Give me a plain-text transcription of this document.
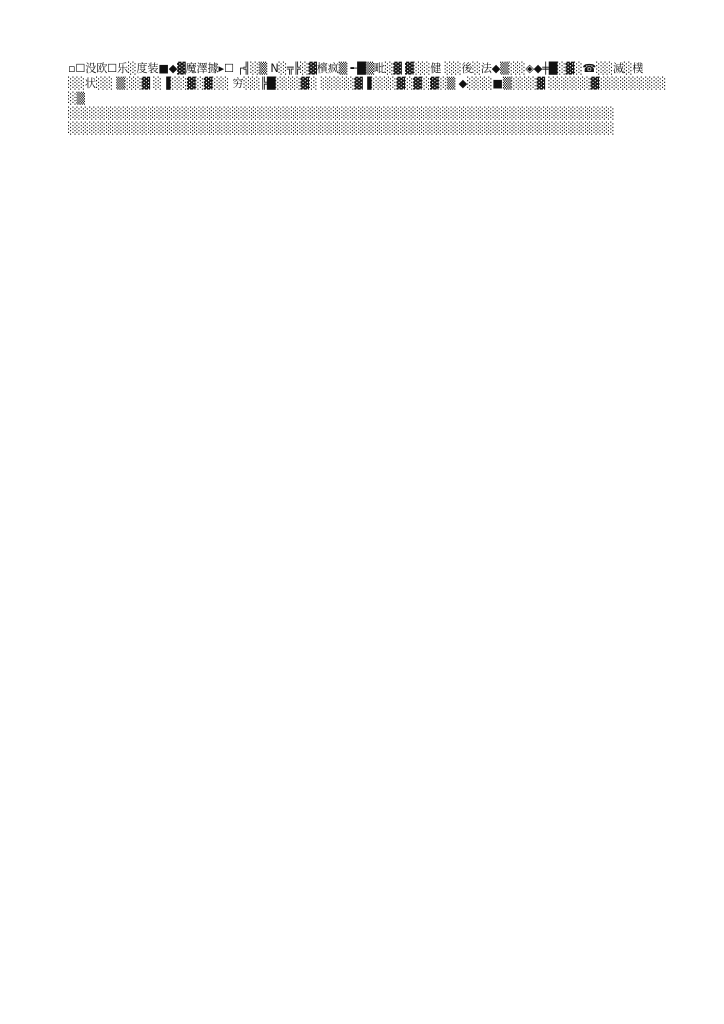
▫☐没欧☐乐░度装■◆▓魔澤據▸☐ ┌╣░▒ N░╦╠░▓檳疯▒ ╾█▒毗░▓ ▓░░健 ░░後░法◆▒░░◈◆╪█░▓░☎░░滅░樸
░░状░░ ▒░░▓ ░▐░░▓░▓░░ 穷░░╠█░░░▓░ ░░░░▓▐░░░▓░▓░▓░▒ ◆░░░■▒░░░▓ ░░░░░▓░░░░░░░░░▒
░░░░░░░░░░░░░░░░░░░░░░░░░░░░░░░░░░░░░░░░░░░░░░░░░░░░░░░░░░░░░░░░░
░░░░░░░░░░░░░░░░░░░░░░░░░░░░░░░░░░░░░░░░░░░░░░░░░░░░░░░░░░░░░░░░░
